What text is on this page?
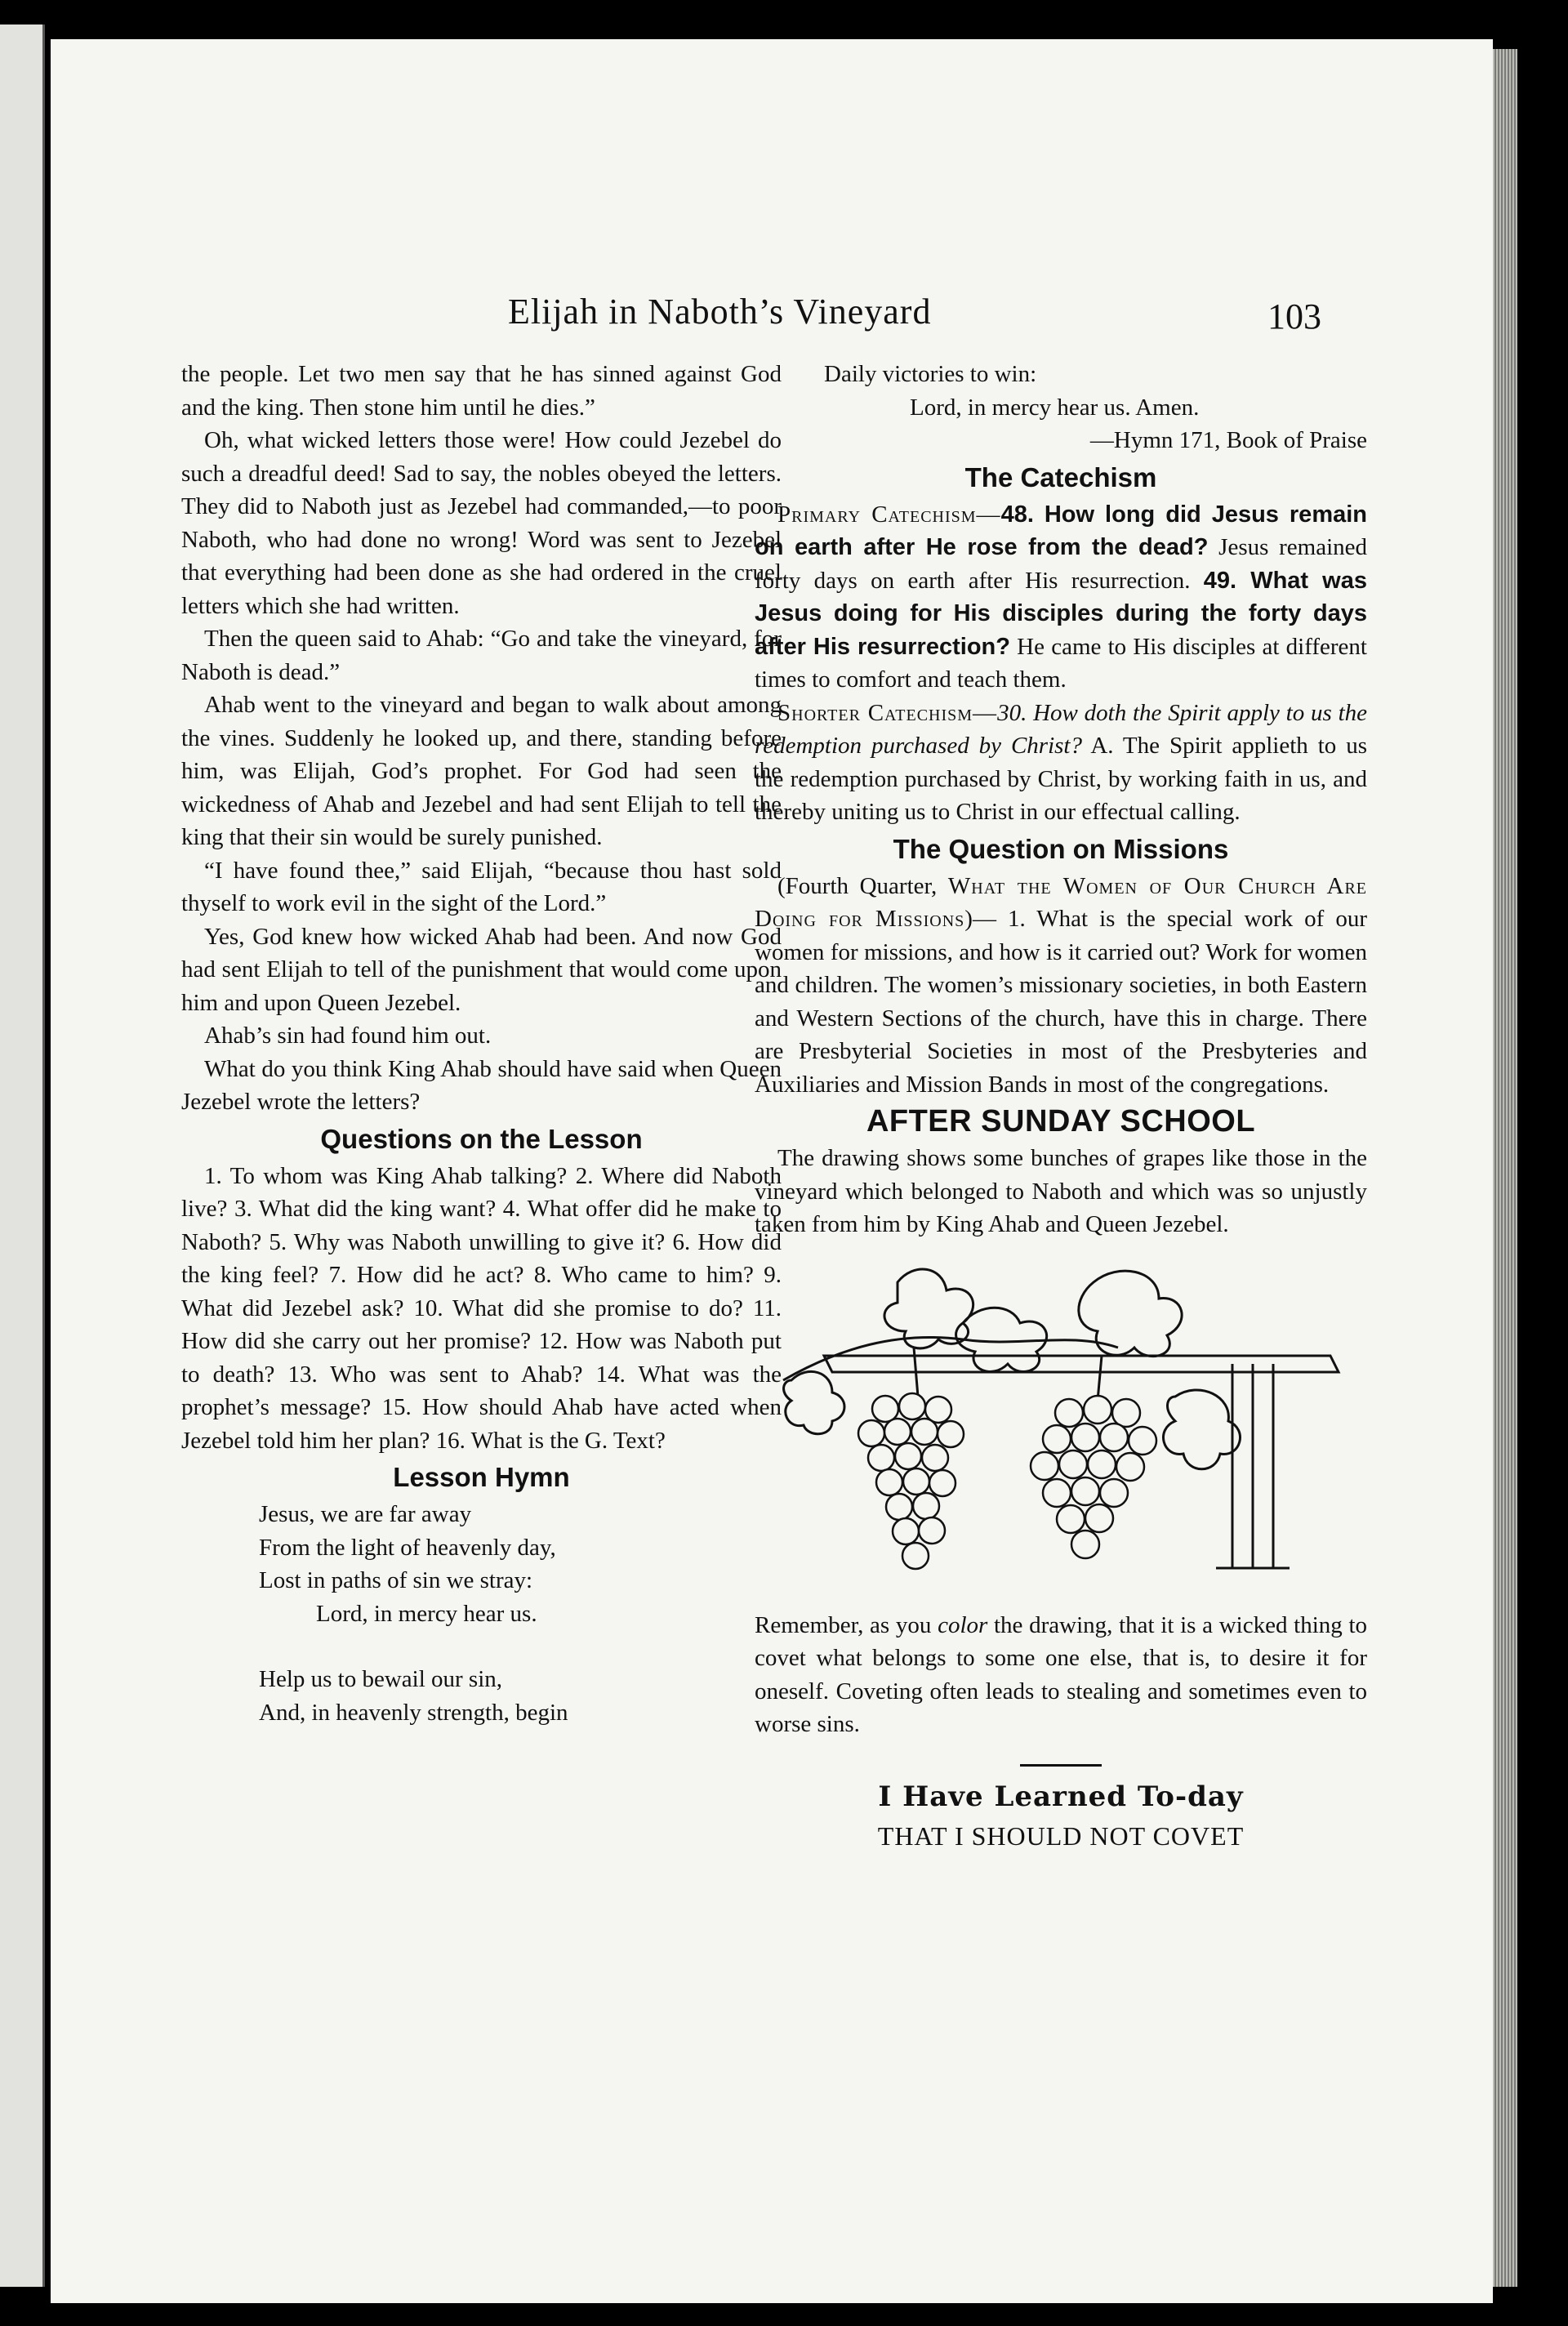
Elijah in Naboth’s Vineyard	103

the people. Let two men say that he has sinned against God and the king. Then stone him until he dies.”

Oh, what wicked letters those were! How could Jezebel do such a dreadful deed! Sad to say, the nobles obeyed the letters. They did to Naboth just as Jezebel had commanded,—to poor Naboth, who had done no wrong! Word was sent to Jezebel that everything had been done as she had ordered in the cruel letters which she had written.

Then the queen said to Ahab: “Go and take the vineyard, for Naboth is dead.”

Ahab went to the vineyard and began to walk about among the vines. Suddenly he looked up, and there, standing before him, was Elijah, God’s prophet. For God had seen the wickedness of Ahab and Jezebel and had sent Elijah to tell the king that their sin would be surely punished.

“I have found thee,” said Elijah, “because thou hast sold thyself to work evil in the sight of the Lord.”

Yes, God knew how wicked Ahab had been. And now God had sent Elijah to tell of the punishment that would come upon him and upon Queen Jezebel.

Ahab’s sin had found him out.

What do you think King Ahab should have said when Queen Jezebel wrote the letters?

Questions on the Lesson

1. To whom was King Ahab talking? 2. Where did Naboth live? 3. What did the king want? 4. What offer did he make to Naboth? 5. Why was Naboth unwilling to give it? 6. How did the king feel? 7. How did he act? 8. Who came to him? 9. What did Jezebel ask? 10. What did she promise to do? 11. How did she carry out her promise? 12. How was Naboth put to death? 13. Who was sent to Ahab? 14. What was the prophet’s message? 15. How should Ahab have acted when Jezebel told him her plan? 16. What is the G. Text?

Lesson Hymn

Jesus, we are far away

From the light of heavenly day,

Lost in paths of sin we stray:

Lord, in mercy hear us.

Help us to bewail our sin,

And, in heavenly strength, begin

Daily victories to win:

Lord, in mercy hear us. Amen.

—Hymn 171, Book of Praise

The Catechism

Primary Catechism—48. How long did Jesus remain on earth after He rose from the dead? Jesus remained forty days on earth after His resurrection. 49. What was Jesus doing for His disciples during the forty days after His resurrection? He came to His disciples at different times to comfort and teach them.

Shorter Catechism—30. How doth the Spirit apply to us the redemption purchased by Christ? A. The Spirit applieth to us the redemption purchased by Christ, by working faith in us, and thereby uniting us to Christ in our effectual calling.

The Question on Missions

(Fourth Quarter, What the Women of Our Church Are Doing for Missions)— 1. What is the special work of our women for missions, and how is it carried out? Work for women and children. The women’s missionary societies, in both Eastern and Western Sections of the church, have this in charge. There are Presbyterial Societies in most of the Presbyteries and Auxiliaries and Mission Bands in most of the congregations.

AFTER SUNDAY SCHOOL

The drawing shows some bunches of grapes like those in the vineyard which belonged to Naboth and which was so unjustly taken from him by King Ahab and Queen Jezebel.

Remember, as you color the drawing, that it is a wicked thing to covet what belongs to some one else, that is, to desire it for oneself. Coveting often leads to stealing and sometimes even to worse sins.

I Have Learned To-day
THAT I SHOULD NOT COVET
